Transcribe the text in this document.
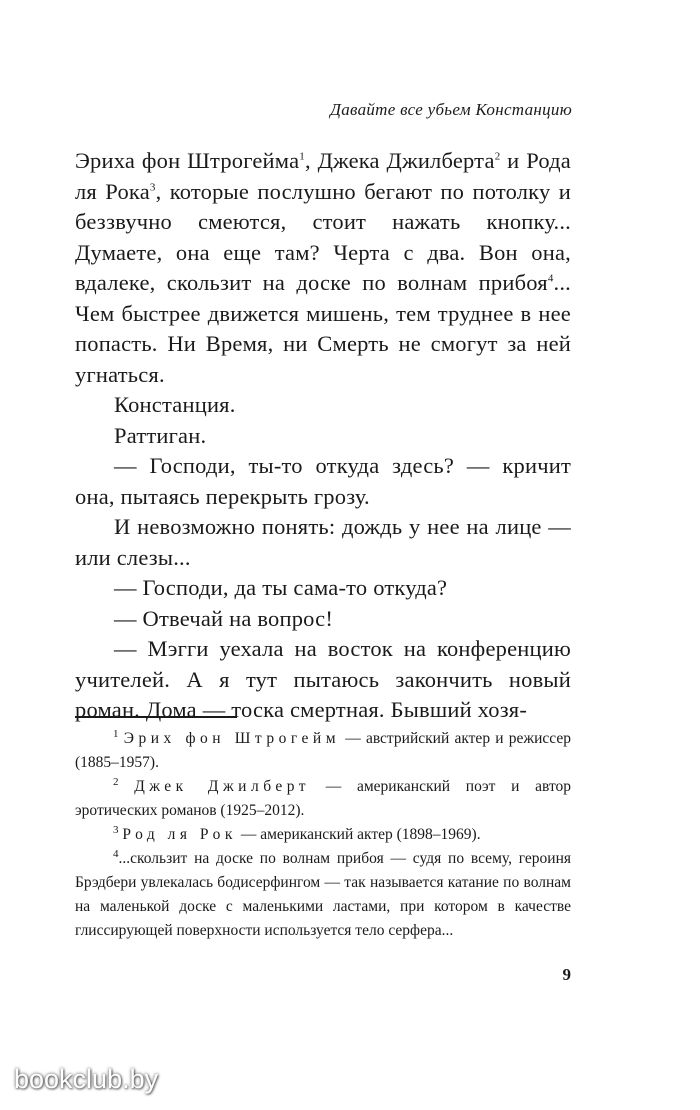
Давайте все убьем Констанцию

Эриха фон Штрогейма$^1$, Джека Джилберта$^2$ и Рода ля Рока$^3$, которые послушно бегают по потолку и беззвучно смеются, стоит нажать кнопку... Думаете, она еще там? Черта с два. Вон она, вдалеке, скользит на доске по волнам прибоя$^4$... Чем быстрее движется мишень, тем труднее в нее попасть. Ни Время, ни Смерть не смогут за ней угнаться.

Констанция.

Раттиган.

— Господи, ты-то откуда здесь? — кричит она, пытаясь перекрыть грозу.

И невозможно понять: дождь у нее на лице — или слезы...

— Господи, да ты сама-то откуда?

— Отвечай на вопрос!

— Мэгги уехала на восток на конференцию учителей. А я тут пытаюсь закончить новый роман. Дома — тоска смертная. Бывший хозя-

$^1$ Эрих фон Штрогейм — австрийский актер и режиссер (1885–1957).

$^2$ Джек Джилберт — американский поэт и автор эротических романов (1925–2012).

$^3$ Род ля Рок — американский актер (1898–1969).

$^4$...скользит на доске по волнам прибоя — судя по всему, героиня Брэдбери увлекалась бодисерфингом — так называется катание по волнам на маленькой доске с маленькими ластами, при котором в качестве глиссирующей поверхности используется тело серфера...

9
bookclub.by
